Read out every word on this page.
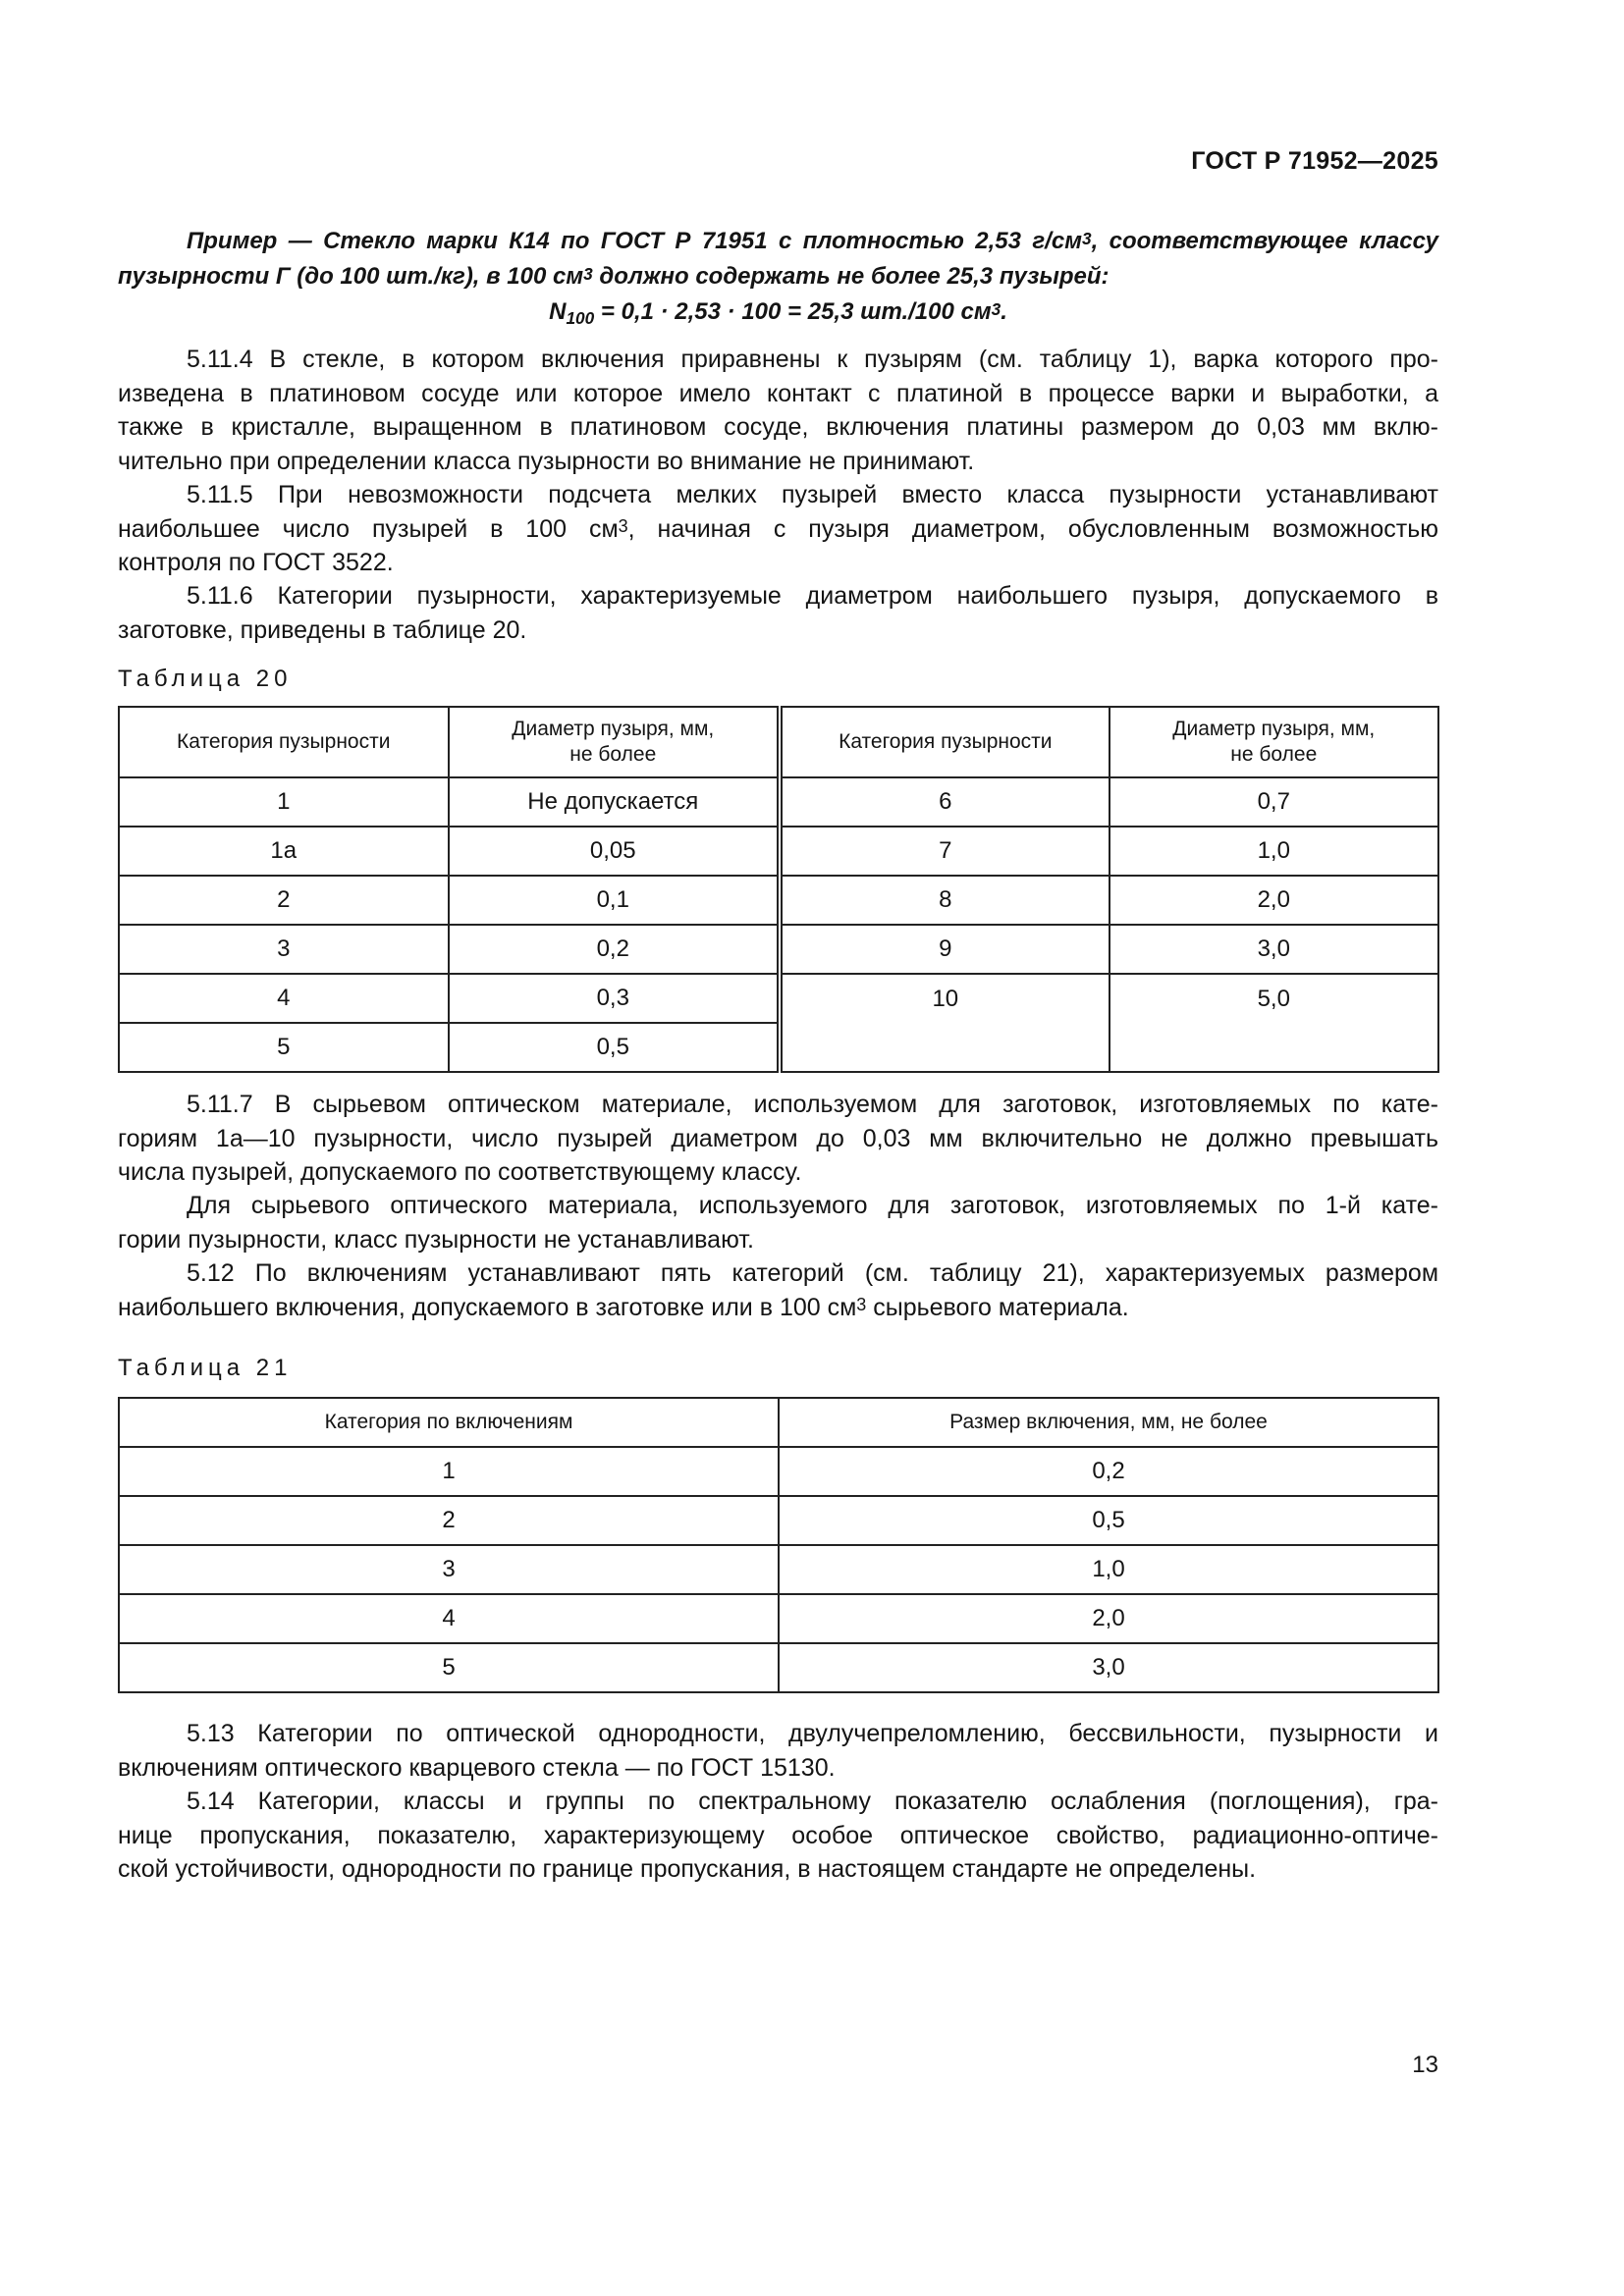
ГОСТ Р 71952—2025
Пример — Стекло марки К14 по ГОСТ Р 71951 с плотностью 2,53 $г/см^3$, соответствующее классу
пузырности Г (до 100 шт./кг), в 100 $см^3$ должно содержать не более 25,3 пузырей:
$N_{100} = 0,1 \cdot 2,53 \cdot 100 = 25,3$ шт./100 $см^3$.
5.11.4 В стекле, в котором включения приравнены к пузырям (см. таблицу 1), варка которого про-
изведена в платиновом сосуде или которое имело контакт с платиной в процессе варки и выработки, а
также в кристалле, выращенном в платиновом сосуде, включения платины размером до 0,03 мм вклю-
чительно при определении класса пузырности во внимание не принимают.
5.11.5 При невозможности подсчета мелких пузырей вместо класса пузырности устанавливают
наибольшее число пузырей в 100 $см^3$, начиная с пузыря диаметром, обусловленным возможностью
контроля по ГОСТ 3522.
5.11.6 Категории пузырности, характеризуемые диаметром наибольшего пузыря, допускаемого в
заготовке, приведены в таблице 20.
Таблица 20
Категория пузырности	Диаметр пузыря, мм,
не более	Категория пузырности	Диаметр пузыря, мм,
не более
1	Не допускается	6	0,7
1а	0,05	7	1,0
2	0,1	8	2,0
3	0,2	9	3,0
4	0,3	10	5,0
5	0,5		
5.11.7 В сырьевом оптическом материале, используемом для заготовок, изготовляемых по кате-
гориям 1а—10 пузырности, число пузырей диаметром до 0,03 мм включительно не должно превышать
числа пузырей, допускаемого по соответствующему классу.
Для сырьевого оптического материала, используемого для заготовок, изготовляемых по 1-й кате-
гории пузырности, класс пузырности не устанавливают.
5.12 По включениям устанавливают пять категорий (см. таблицу 21), характеризуемых размером
наибольшего включения, допускаемого в заготовке или в 100 $см^3$ сырьевого материала.
Таблица 21
Категория по включениям	Размер включения, мм, не более
1	0,2
2	0,5
3	1,0
4	2,0
5	3,0
5.13 Категории по оптической однородности, двулучепреломлению, бессвильности, пузырности и
включениям оптического кварцевого стекла — по ГОСТ 15130.
5.14 Категории, классы и группы по спектральному показателю ослабления (поглощения), гра-
нице пропускания, показателю, характеризующему особое оптическое свойство, радиационно-оптиче-
ской устойчивости, однородности по границе пропускания, в настоящем стандарте не определены.
13
